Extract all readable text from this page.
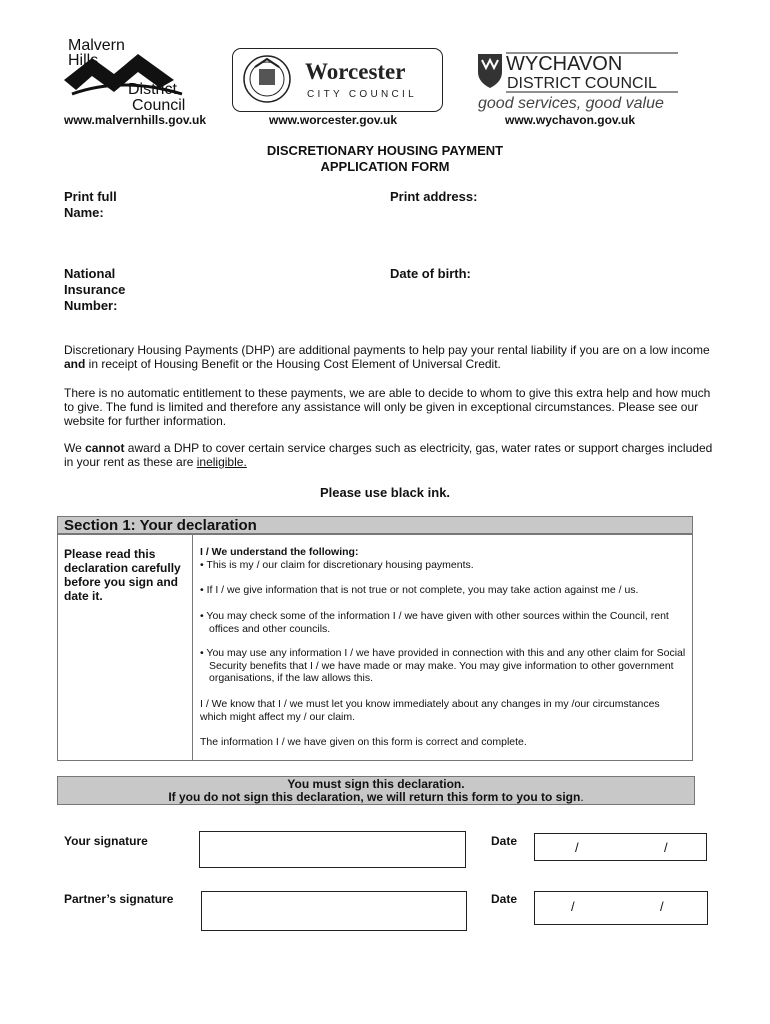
Malvern
Hills
District
Council
Worcester
CITY COUNCIL
WYCHAVON
DISTRICT COUNCIL
good services, good value
www.malvernhills.gov.uk	www.worcester.gov.uk	www.wychavon.gov.uk
DISCRETIONARY HOUSING PAYMENT
APPLICATION FORM
Print full
Name:
Print address:
National
Insurance
Number:
Date of birth:
Discretionary Housing Payments (DHP) are additional payments to help pay your rental liability if you are on a low income and in receipt of Housing Benefit or the Housing Cost Element of Universal Credit.
There is no automatic entitlement to these payments, we are able to decide to whom to give this extra help and how much to give. The fund is limited and therefore any assistance will only be given in exceptional circumstances. Please see our website for further information.
We cannot award a DHP to cover certain service charges such as electricity, gas, water rates or support charges included in your rent as these are ineligible.
Please use black ink.
Section 1: Your declaration
Please read this declaration carefully before you sign and date it.
I / We understand the following:
• This is my / our claim for discretionary housing payments.
• If I / we give information that is not true or not complete, you may take action against me / us.
• You may check some of the information I / we have given with other sources within the Council, rent offices and other councils.
• You may use any information I / we have provided in connection with this and any other claim for Social Security benefits that I / we have made or may make. You may give information to other government organisations, if the law allows this.
I / We know that I / we must let you know immediately about any changes in my /our circumstances which might affect my / our claim.
The information I / we have given on this form is correct and complete.
You must sign this declaration.
If you do not sign this declaration, we will return this form to you to sign.
Your signature	Date	/	/
Partner’s signature	Date	/	/
